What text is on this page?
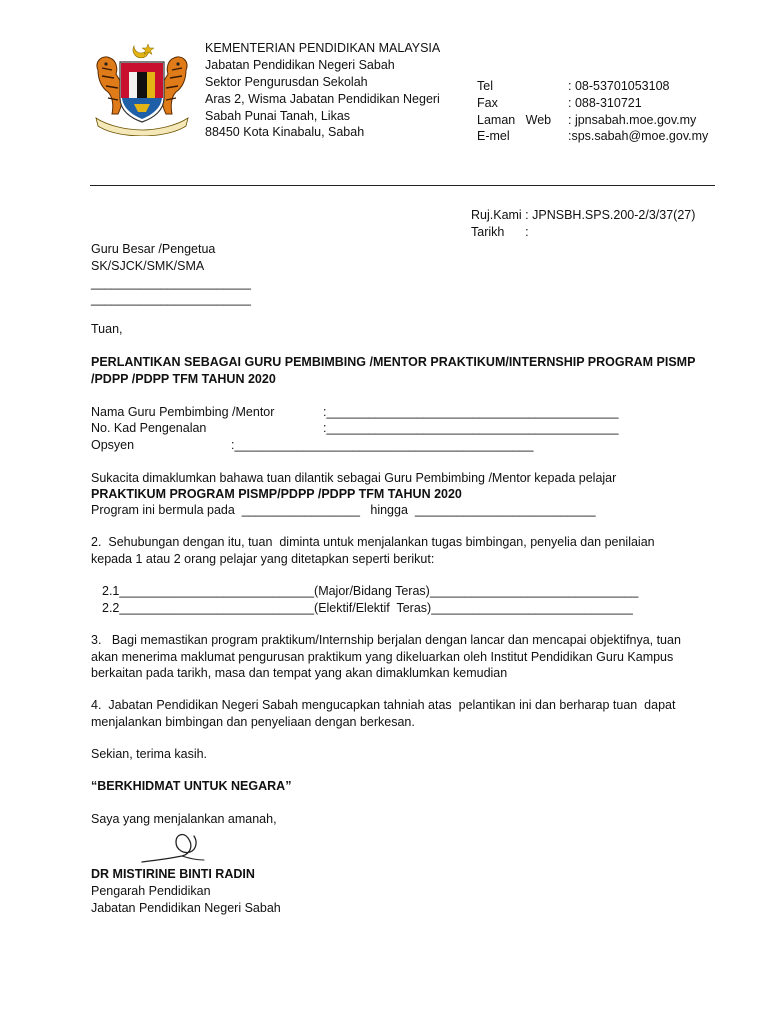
KEMENTERIAN PENDIDIKAN MALAYSIA
Jabatan Pendidikan Negeri Sabah
Sektor Pengurusdan Sekolah
Aras 2, Wisma Jabatan Pendidikan Negeri
Sabah Punai Tanah, Likas
88450 Kota Kinabalu, Sabah
Tel	: 08-53701053108
Fax	: 088-310721
Laman   Web : jpnsabah.moe.gov.my
E-mel	:sps.sabah@moe.gov.my
Ruj.Kami : JPNSBH.SPS.200-2/3/37(27)
Tarikh      :
Guru Besar /Pengetua
SK/SJCK/SMK/SMA
_______________________
_______________________
Tuan,
PERLANTIKAN SEBAGAI GURU PEMBIMBING /MENTOR PRAKTIKUM/INTERNSHIP PROGRAM PISMP
/PDPP /PDPP TFM TAHUN 2020
Nama Guru Pembimbing /Mentor	:__________________________________________
No. Kad Pengenalan	:__________________________________________
Opsyen	:___________________________________________
Sukacita dimaklumkan bahawa tuan dilantik sebagai Guru Pembimbing /Mentor kepada pelajar
PRAKTIKUM PROGRAM PISMP/PDPP /PDPP TFM TAHUN 2020
Program ini bermula pada  _________________   hingga  __________________________
2.  Sehubungan dengan itu, tuan  diminta untuk menjalankan tugas bimbingan, penyelia dan penilaian
kepada 1 atau 2 orang pelajar yang ditetapkan seperti berikut:
2.1____________________________(Major/Bidang Teras)______________________________
2.2____________________________(Elektif/Elektif  Teras)_____________________________
3.   Bagi memastikan program praktikum/Internship berjalan dengan lancar dan mencapai objektifnya, tuan
akan menerima maklumat pengurusan praktikum yang dikeluarkan oleh Institut Pendidikan Guru Kampus
berkaitan pada tarikh, masa dan tempat yang akan dimaklumkan kemudian
4.  Jabatan Pendidikan Negeri Sabah mengucapkan tahniah atas  pelantikan ini dan berharap tuan  dapat
menjalankan bimbingan dan penyeliaan dengan berkesan.
Sekian, terima kasih.
“BERKHIDMAT UNTUK NEGARA”
Saya yang menjalankan amanah,
DR MISTIRINE BINTI RADIN
Pengarah Pendidikan
Jabatan Pendidikan Negeri Sabah
